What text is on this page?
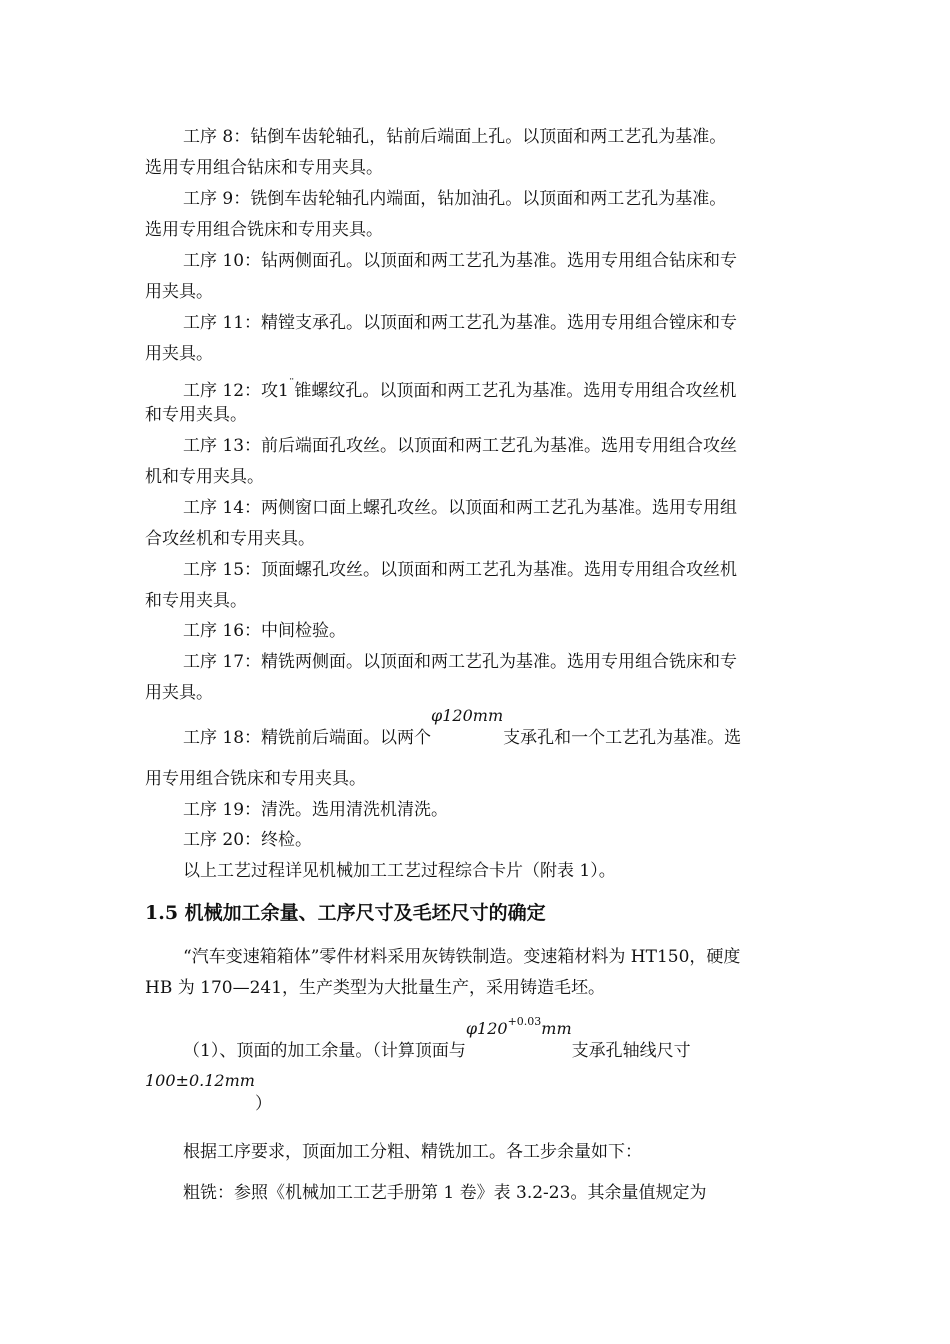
工序 8：钻倒车齿轮轴孔，钻前后端面上孔。以顶面和两工艺孔为基准。
选用专用组合钻床和专用夹具。
工序 9：铣倒车齿轮轴孔内端面，钻加油孔。以顶面和两工艺孔为基准。
选用专用组合铣床和专用夹具。
工序 10：钻两侧面孔。以顶面和两工艺孔为基准。选用专用组合钻床和专
用夹具。
工序 11：精镗支承孔。以顶面和两工艺孔为基准。选用专用组合镗床和专
用夹具。
工序 12：攻1¨锥螺纹孔。以顶面和两工艺孔为基准。选用专用组合攻丝机
和专用夹具。
工序 13：前后端面孔攻丝。以顶面和两工艺孔为基准。选用专用组合攻丝
机和专用夹具。
工序 14：两侧窗口面上螺孔攻丝。以顶面和两工艺孔为基准。选用专用组
合攻丝机和专用夹具。
工序 15：顶面螺孔攻丝。以顶面和两工艺孔为基准。选用专用组合攻丝机
和专用夹具。
工序 16：中间检验。
工序 17：精铣两侧面。以顶面和两工艺孔为基准。选用专用组合铣床和专
用夹具。
工序 18：精铣前后端面。以两个φ120mm支承孔和一个工艺孔为基准。选
用专用组合铣床和专用夹具。
工序 19：清洗。选用清洗机清洗。
工序 20：终检。
以上工艺过程详见机械加工工艺过程综合卡片（附表 1）。
1.5 机械加工余量、工序尺寸及毛坯尺寸的确定
“汽车变速箱箱体”零件材料采用灰铸铁制造。变速箱材料为 HT150，硬度
HB 为 170—241，生产类型为大批量生产，采用铸造毛坯。
（1）、顶面的加工余量。（计算顶面与$\varphi 120^{+0.03}mm$支承孔轴线尺寸
100±0.12mm
）
根据工序要求，顶面加工分粗、精铣加工。各工步余量如下：
粗铣：参照《机械加工工艺手册第 1 卷》表 3.2-23。其余量值规定为
